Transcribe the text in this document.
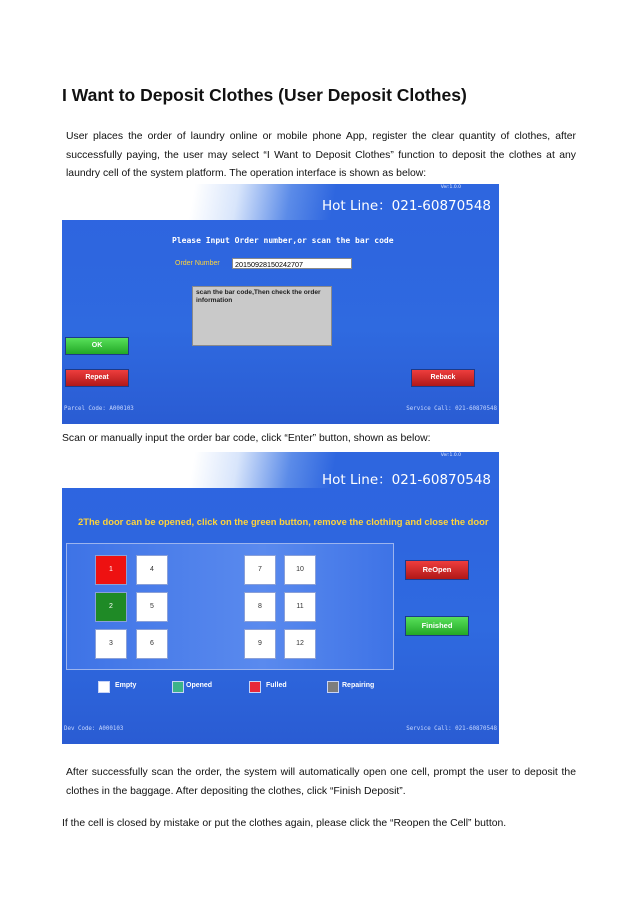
I Want to Deposit Clothes (User Deposit Clothes)
User places the order of laundry online or mobile phone App, register the clear quantity of clothes, after successfully paying, the user may select “I Want to Deposit Clothes” function to deposit the clothes at any laundry cell of the system platform. The operation interface is shown as below:
Ver:1.0.0
Hot Line：021-60870548
Please Input Order number,or scan the bar code
Order Number	20150928150242707
scan the bar code,Then check the order information
OK
Repeat	Reback
Parcel Code: A000103	Service Call: 021-60870548
Scan or manually input the order bar code, click “Enter” button, shown as below:
Ver:1.0.0
Hot Line：021-60870548
2The door can be opened, click on the green button, remove the clothing and close the door
1	4
2	5
3	6
7	10
8	11
9	12
ReOpen
Finished
Empty	Opened	Fulled	Repairing
Dev Code: A000103	Service Call: 021-60870548
After successfully scan the order, the system will automatically open one cell, prompt the user to deposit the clothes in the baggage. After depositing the clothes, click “Finish Deposit”.
If the cell is closed by mistake or put the clothes again, please click the “Reopen the Cell” button.
